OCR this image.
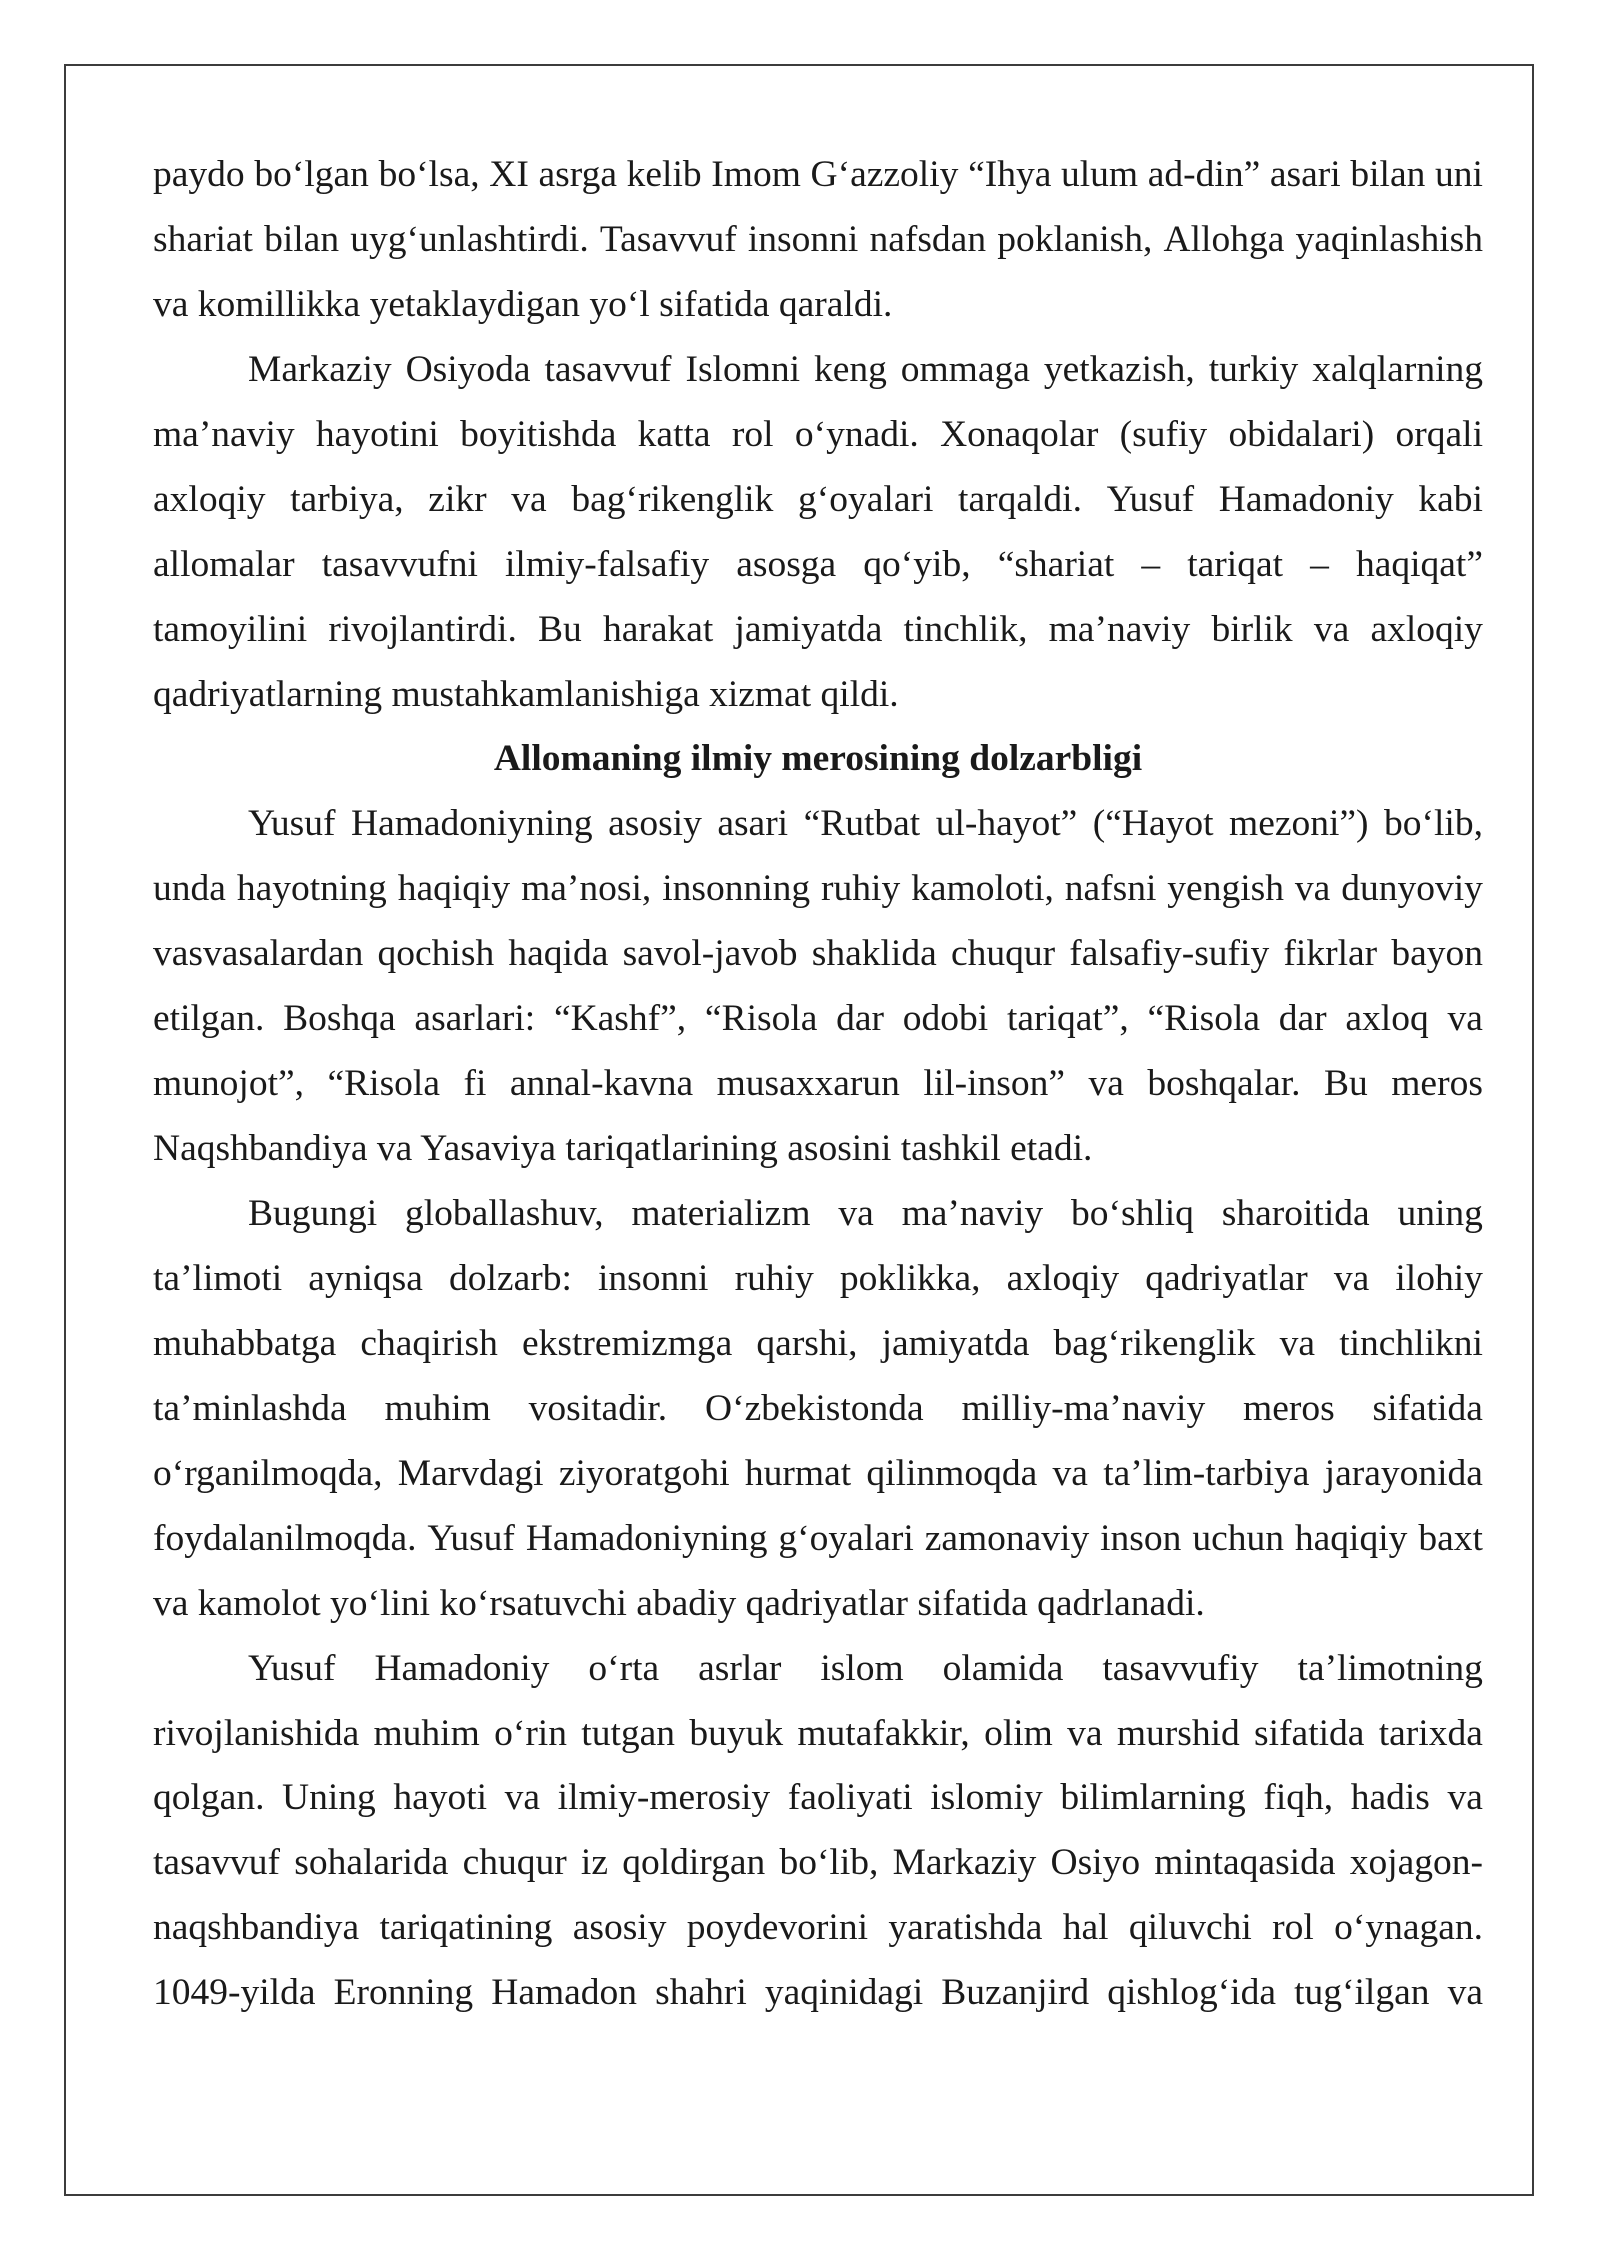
paydo bo‘lgan bo‘lsa, XI asrga kelib Imom G‘azzoliy “Ihya ulum ad-din” asari bilan uni
shariat bilan uyg‘unlashtirdi. Tasavvuf insonni nafsdan poklanish, Allohga yaqinlashish
va komillikka yetaklaydigan yo‘l sifatida qaraldi.
Markaziy Osiyoda tasavvuf Islomni keng ommaga yetkazish, turkiy xalqlarning
ma’naviy hayotini boyitishda katta rol o‘ynadi. Xonaqolar (sufiy obidalari) orqali
axloqiy tarbiya, zikr va bag‘rikenglik g‘oyalari tarqaldi. Yusuf Hamadoniy kabi
allomalar tasavvufni ilmiy-falsafiy asosga qo‘yib, “shariat – tariqat – haqiqat”
tamoyilini rivojlantirdi. Bu harakat jamiyatda tinchlik, ma’naviy birlik va axloqiy
qadriyatlarning mustahkamlanishiga xizmat qildi.
Allomaning ilmiy merosining dolzarbligi
Yusuf Hamadoniyning asosiy asari “Rutbat ul-hayot” (“Hayot mezoni”) bo‘lib,
unda hayotning haqiqiy ma’nosi, insonning ruhiy kamoloti, nafsni yengish va dunyoviy
vasvasalardan qochish haqida savol-javob shaklida chuqur falsafiy-sufiy fikrlar bayon
etilgan. Boshqa asarlari: “Kashf”, “Risola dar odobi tariqat”, “Risola dar axloq va
munojot”, “Risola fi annal-kavna musaxxarun lil-inson” va boshqalar. Bu meros
Naqshbandiya va Yasaviya tariqatlarining asosini tashkil etadi.
Bugungi globallashuv, materializm va ma’naviy bo‘shliq sharoitida uning
ta’limoti ayniqsa dolzarb: insonni ruhiy poklikka, axloqiy qadriyatlar va ilohiy
muhabbatga chaqirish ekstremizmga qarshi, jamiyatda bag‘rikenglik va tinchlikni
ta’minlashda muhim vositadir. O‘zbekistonda milliy-ma’naviy meros sifatida
o‘rganilmoqda, Marvdagi ziyoratgohi hurmat qilinmoqda va ta’lim-tarbiya jarayonida
foydalanilmoqda. Yusuf Hamadoniyning g‘oyalari zamonaviy inson uchun haqiqiy baxt
va kamolot yo‘lini ko‘rsatuvchi abadiy qadriyatlar sifatida qadrlanadi.
Yusuf Hamadoniy o‘rta asrlar islom olamida tasavvufiy ta’limotning
rivojlanishida muhim o‘rin tutgan buyuk mutafakkir, olim va murshid sifatida tarixda
qolgan. Uning hayoti va ilmiy-merosiy faoliyati islomiy bilimlarning fiqh, hadis va
tasavvuf sohalarida chuqur iz qoldirgan bo‘lib, Markaziy Osiyo mintaqasida xojagon-
naqshbandiya tariqatining asosiy poydevorini yaratishda hal qiluvchi rol o‘ynagan.
1049-yilda Eronning Hamadon shahri yaqinidagi Buzanjird qishlog‘ida tug‘ilgan va
